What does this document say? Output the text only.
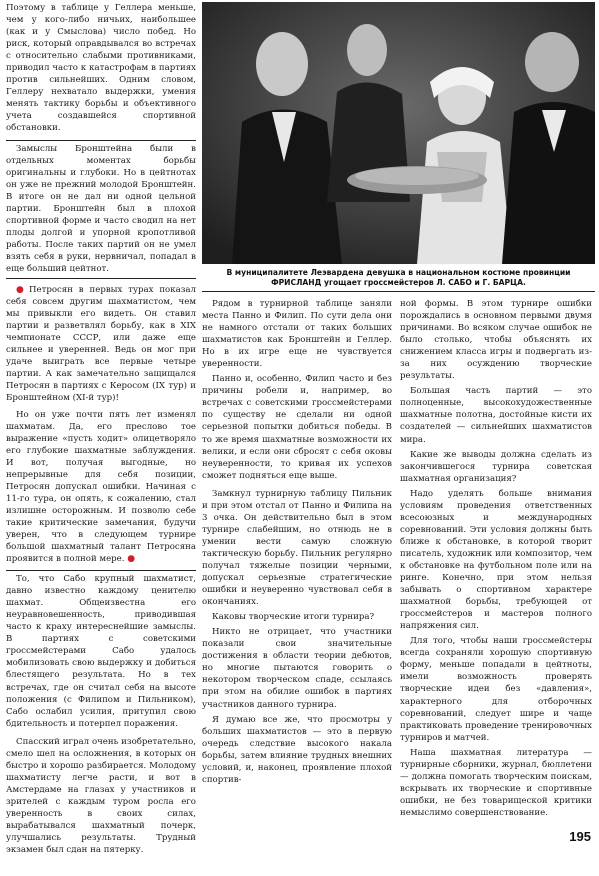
Поэтому в таблице у Геллера меньше, чем у кого-либо ничьих, наибольшее (как и у Смыслова) число побед. Но риск, который оправдывался во встречах с относительно слабыми противниками, приводил часто к катастрофам в партиях против сильнейших. Одним словом, Геллеру нехватало выдержки, умения менять тактику борьбы и объективного учета создавшейся спортивной обстановки.

Замыслы Бронштейна были в отдельных моментах борьбы оригинальны и глубоки. Но в цейтнотах он уже не прежний молодой Бронштейн. В итоге он не дал ни одной цельной партии. Бронштейн был в плохой спортивной форме и часто сводил на нет плоды долгой и упорной кропотливой работы. После таких партий он не умел взять себя в руки, нервничал, попадал в еще больший цейтнот.

● Петросян в первых турах показал себя совсем другим шахматистом, чем мы привыкли его видеть. Он ставил партии и разветвлял борьбу, как в XIX чемпионате СССР, или даже еще сильнее и уверенней. Ведь он мог при удаче выиграть все первые четыре партии. А как замечательно защищался Петросян в партиях с Керосом (IX тур) и Бронштейном (XI-й тур)!

Но он уже почти пять лет изменял шахматам. Да, его преслово тое выражение «пусть ходит» олицетворяло его глубокие шахматные заблуждения. И вот, получая выгодные, но непрерывные для себя позиции, Петросян допускал ошибки. Начиная с 11-го тура, он опять, к сожалению, стал излишне осторожным. И позволю себе такие критические замечания, будучи уверен, что в следующем турнире большой шахматный талант Петросяна проявится в полной мере. ●

То, что Сабо крупный шахматист, давно известно каждому ценителю шахмат. Общеизвестна его неуравновешенность, приводившая часто к краху интереснейшие замыслы. В партиях с советскими гроссмейстерами Сабо удалось мобилизовать свою выдержку и добиться блестящего результата. Но в тех встречах, где он считал себя на высоте положения (с Филипом и Пильником), Сабо ослабил усилия, притупил свою бдительность и потерпел поражения.

Спасский играл очень изобретательно, смело шел на осложнения, в которых он быстро и хорошо разбирается. Молодому шахматисту легче расти, и вот в Амстердаме на глазах у участников и зрителей с каждым туром росла его уверенность в своих силах, вырабатывался шахматный почерк, улучшались результаты. Трудный экзамен был сдан на пятерку.

В муниципалитете Леэвардена девушка в национальном костюме провинции ФРИСЛАНД угощает гроссмейстеров Л. САБО и Г. БАРЦА.

Рядом в турнирной таблице заняли места Панно и Филип. По сути дела они не намного отстали от таких больших шахматистов как Бронштейн и Геллер. Но в их игре еще не чувствуется уверенности.

Панно и, особенно, Филип часто и без причины робели и, например, во встречах с советскими гроссмейстерами по существу не сделали ни одной серьезной попытки добиться победы. В то же время шахматные возможности их велики, и если они сбросят с себя оковы неуверенности, то кривая их успехов сможет подняться еще выше.

Замкнул турнирную таблицу Пильник и при этом отстал от Панно и Филипа на 3 очка. Он действительно был в этом турнире слабейшим, но отнюдь не в умении вести самую сложную тактическую борьбу. Пильник регулярно получал тяжелые позиции черными, допускал серьезные стратегические ошибки и неуверенно чувствовал себя в окончаниях.

Каковы творческие итоги турнира?

Никто не отрицает, что участники показали свои значительные достижения в области теории дебютов, но многие пытаются говорить о некотором творческом спаде, ссылаясь при этом на обилие ошибок в партиях участников данного турнира.

Я думаю все же, что просмотры у больших шахматистов — это в первую очередь следствие высокого накала борьбы, затем влияние трудных внешних условий, и, наконец, проявление плохой спортив-

ной формы. В этом турнире ошибки порождались в основном первыми двумя причинами. Во всяком случае ошибок не было столько, чтобы объяснять их снижением класса игры и подвергать из-за них осуждению творческие результаты.

Большая часть партий — это полноценные, высокохудожественные шахматные полотна, достойные кисти их создателей — сильнейших шахматистов мира.

Какие же выводы должна сделать из закончившегося турнира советская шахматная организация?

Надо уделять больше внимания условиям проведения ответственных всесоюзных и международных соревнований. Эти условия должны быть ближе к обстановке, в которой творит писатель, художник или композитор, чем к обстановке на футбольном поле или на ринге. Конечно, при этом нельзя забывать о спортивном характере шахматной борьбы, требующей от гроссмейстеров и мастеров полного напряжения сил.

Для того, чтобы наши гроссмейстеры всегда сохраняли хорошую спортивную форму, меньше попадали в цейтноты, имели возможность проверять творческие идеи без «давления», характерного для отборочных соревнований, следует шире и чаще практиковать проведение тренировочных турниров и матчей.

Наша шахматная литература — турнирные сборники, журнал, бюллетени — должна помогать творческим поискам, вскрывать их творческие и спортивные ошибки, не без товарищеской критики немыслимо совершенствование.

195
